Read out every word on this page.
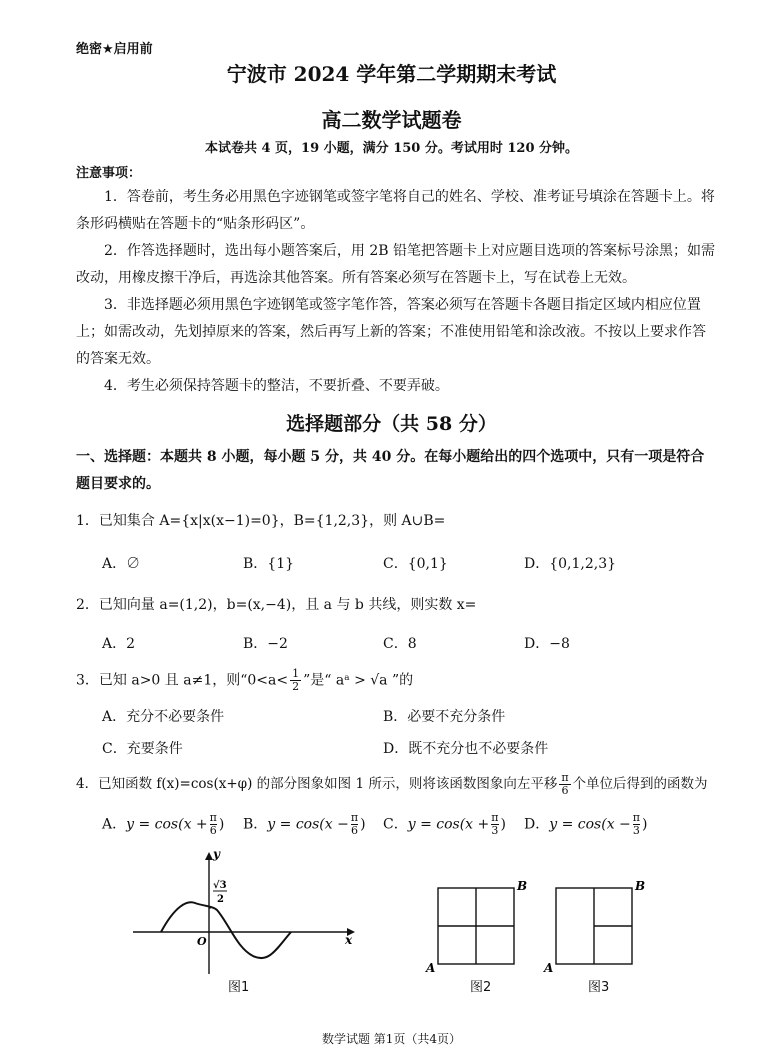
绝密★启用前
宁波市 2024 学年第二学期期末考试
高二数学试题卷
本试卷共 4 页，19 小题，满分 150 分。考试用时 120 分钟。
注意事项：
1．答卷前，考生务必用黑色字迹钢笔或签字笔将自己的姓名、学校、准考证号填涂在答题卡上。将条形码横贴在答题卡的“贴条形码区”。
2．作答选择题时，选出每小题答案后，用 2B 铅笔把答题卡上对应题目选项的答案标号涂黑；如需改动，用橡皮擦干净后，再选涂其他答案。所有答案必须写在答题卡上，写在试卷上无效。
3．非选择题必须用黑色字迹钢笔或签字笔作答，答案必须写在答题卡各题目指定区域内相应位置上；如需改动，先划掉原来的答案，然后再写上新的答案；不准使用铅笔和涂改液。不按以上要求作答的答案无效。
4．考生必须保持答题卡的整洁，不要折叠、不要弄破。
选择题部分（共 58 分）
一、选择题：本题共 8 小题，每小题 5 分，共 40 分。在每小题给出的四个选项中，只有一项是符合题目要求的。
1．已知集合 A={x|x(x−1)=0}，B={1,2,3}，则 A∪B=
A．∅	B．{1}	C．{0,1}	D．{0,1,2,3}
2．已知向量 a=(1,2)，b=(x,−4)，且 a 与 b 共线，则实数 x=
A．2	B．−2	C．8	D．−8
3．已知 a>0 且 a≠1，则“$0<a< \frac{1}{2}$ ”是“ aᵃ > √a ”的
A．充分不必要条件	B．必要不充分条件
C．充要条件	D．既不充分也不必要条件
4．已知函数 f(x)=cos(x+φ) 的部分图象如图 1 所示，则将该函数图象向左平移 $\frac{\pi}{6}$ 个单位后得到的函数为
A．$y = \cos(x + \frac{\pi}{6}$ ) B．$y = \cos(x - \frac{\pi}{6}$ ) C．$y = \cos(x + \frac{\pi}{3}$ ) D．$y = \cos(x - \frac{\pi}{3}$ )
y
x
O
√3
2
图1
B
A
图2
B
A
图3
数学试题 第1页（共4页）
